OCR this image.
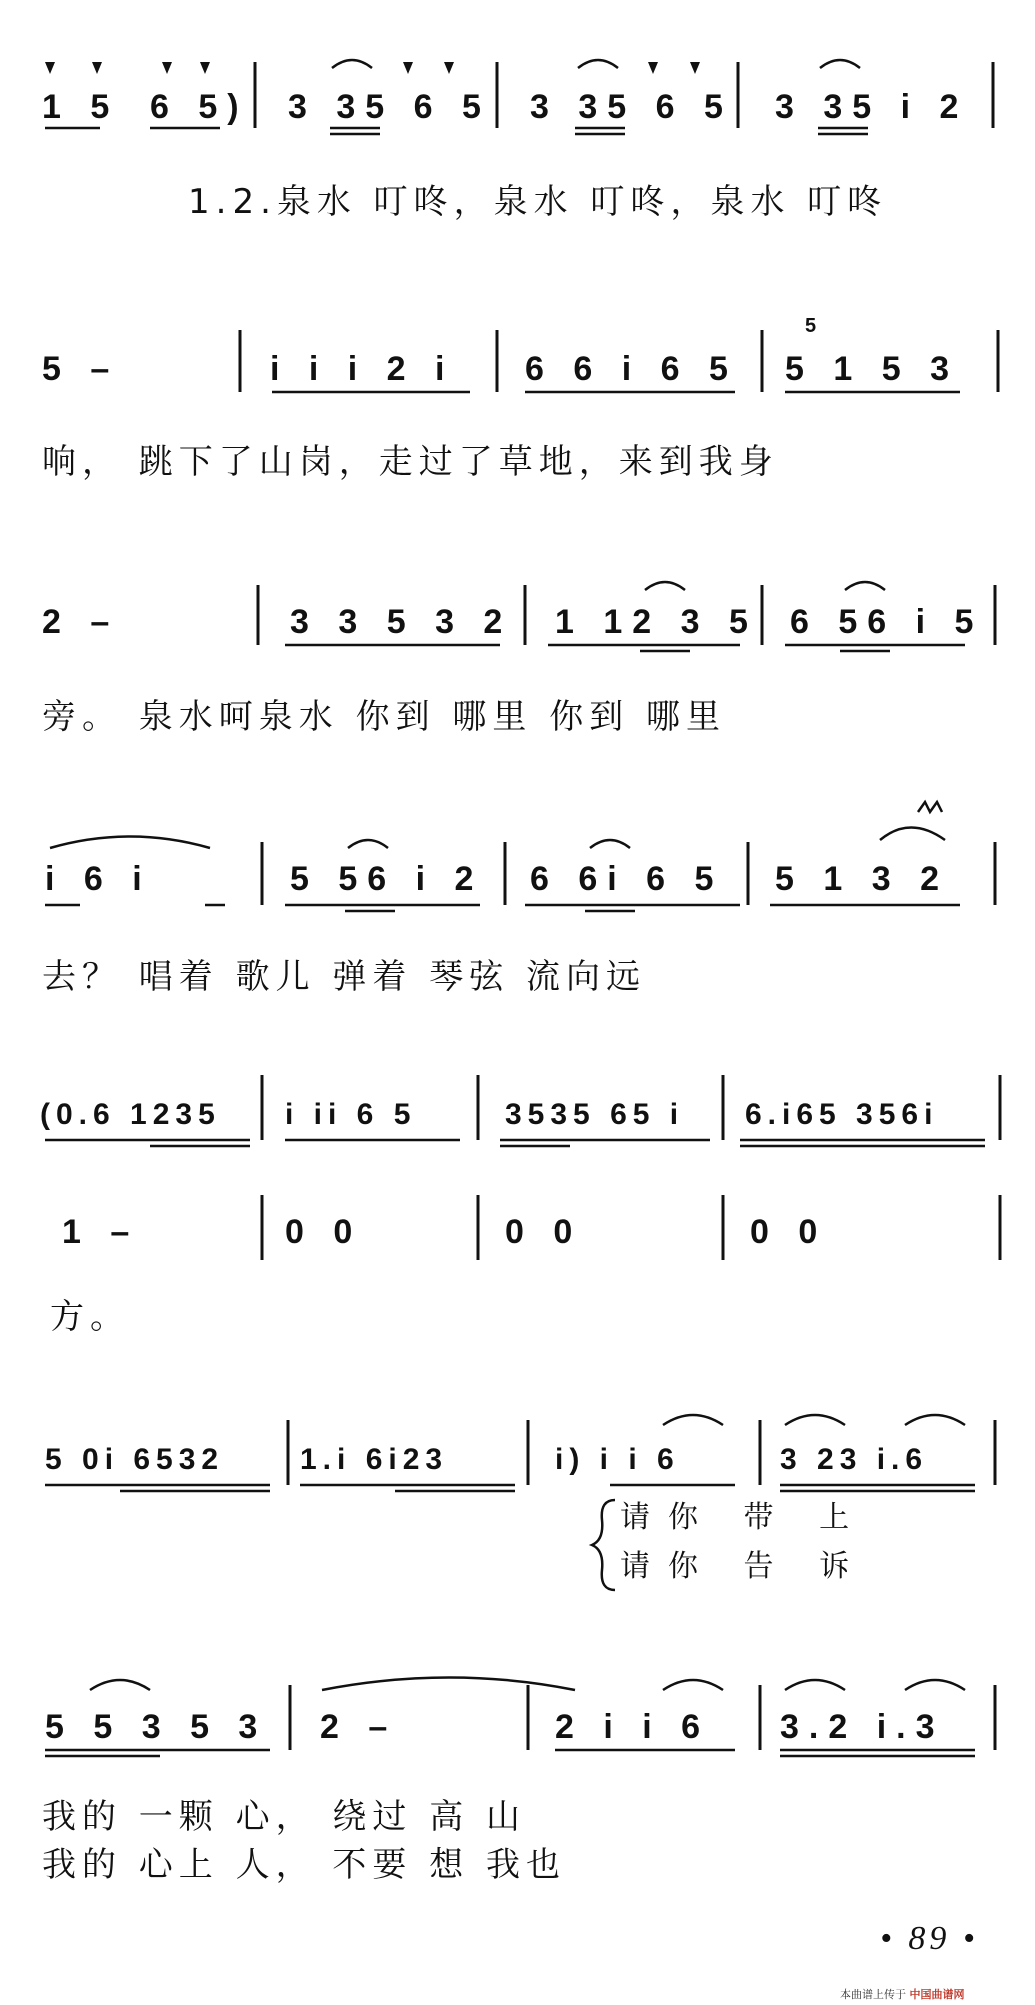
1 5 6 5) 3 35 6 5 3 35 6 5 3 35 i 2
1.2.泉水 叮咚，泉水 叮咚，泉水 叮咚
5 –	i i i 2 i 6 6 i 6 5 5 1 5 3
5
响， 跳下了山岗，走过了草地，来到我身
2 –	3 3 5 3 2 1 12 3 5 6 56 i 5
旁。 泉水呵泉水 你到 哪里 你到 哪里
i 6 i	5 56 i 2 6 6i 6 5 5 1 3 2
去？ 唱着 歌儿 弹着 琴弦 流向远
(0.6 1235 i ii 6 5	3535 65 i 6.i65 356i
1 –	0 0	0 0	0 0
方。
5 0i 6532	1.i 6i23	i) i i 6	3 23 i.6
请你 带 上
请你 告 诉
5 5 3 5 3 2 –	2 i i 6 3.2 i.3
我的 一颗 心， 绕过 高 山
我的 心上 人， 不要 想 我也
• 89 •
本曲谱上传于 中国曲谱网
